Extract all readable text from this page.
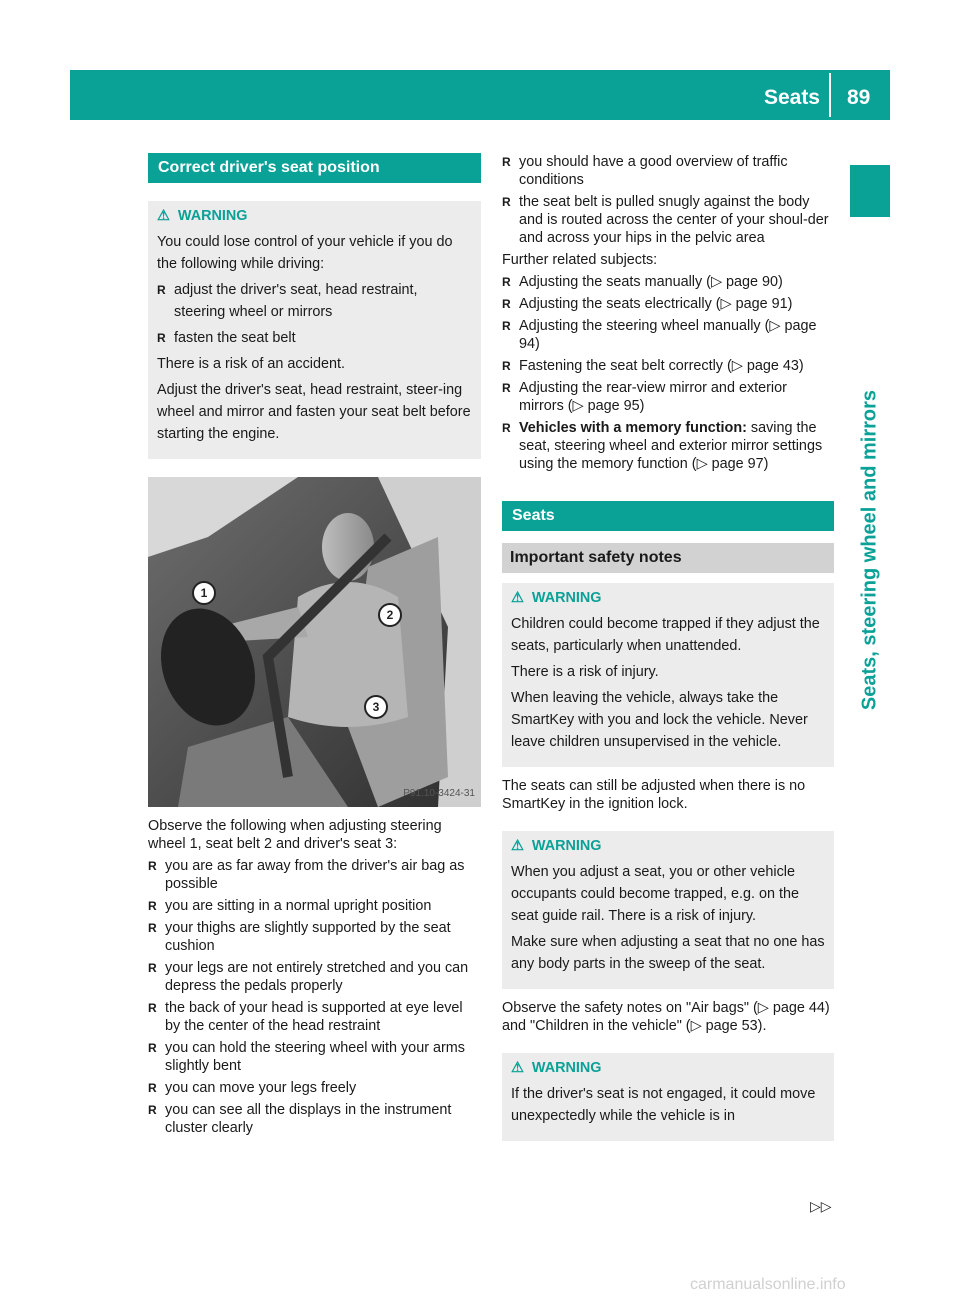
Seats 89
Seats, steering wheel and mirrors
Correct driver's seat position
⚠ WARNING

You could lose control of your vehicle if you do the following while driving:

R adjust the driver's seat, head restraint, steering wheel or mirrors
R fasten the seat belt

There is a risk of an accident.

Adjust the driver's seat, head restraint, steer-ing wheel and mirror and fasten your seat belt before starting the engine.

1
2
3
P91.10-3424-31

Observe the following when adjusting steering wheel 1, seat belt 2 and driver's seat 3:

R you are as far away from the driver's air bag as possible
R you are sitting in a normal upright position
R your thighs are slightly supported by the seat cushion
R your legs are not entirely stretched and you can depress the pedals properly
R the back of your head is supported at eye level by the center of the head restraint
R you can hold the steering wheel with your arms slightly bent
R you can move your legs freely
R you can see all the displays in the instrument cluster clearly
R you should have a good overview of traffic conditions
R the seat belt is pulled snugly against the body and is routed across the center of your shoul-der and across your hips in the pelvic area

Further related subjects:

R Adjusting the seats manually (▷ page 90)
R Adjusting the seats electrically (▷ page 91)
R Adjusting the steering wheel manually (▷ page 94)
R Fastening the seat belt correctly (▷ page 43)
R Adjusting the rear-view mirror and exterior mirrors (▷ page 95)
R Vehicles with a memory function: saving the seat, steering wheel and exterior mirror settings using the memory function (▷ page 97)
Seats
Important safety notes
⚠ WARNING

Children could become trapped if they adjust the seats, particularly when unattended.

There is a risk of injury.

When leaving the vehicle, always take the SmartKey with you and lock the vehicle. Never leave children unsupervised in the vehicle.

The seats can still be adjusted when there is no SmartKey in the ignition lock.

⚠ WARNING

When you adjust a seat, you or other vehicle occupants could become trapped, e.g. on the seat guide rail. There is a risk of injury.

Make sure when adjusting a seat that no one has any body parts in the sweep of the seat.

Observe the safety notes on "Air bags" (▷ page 44) and "Children in the vehicle" (▷ page 53).

⚠ WARNING

If the driver's seat is not engaged, it could move unexpectedly while the vehicle is in

▷▷
carmanualsonline.info
